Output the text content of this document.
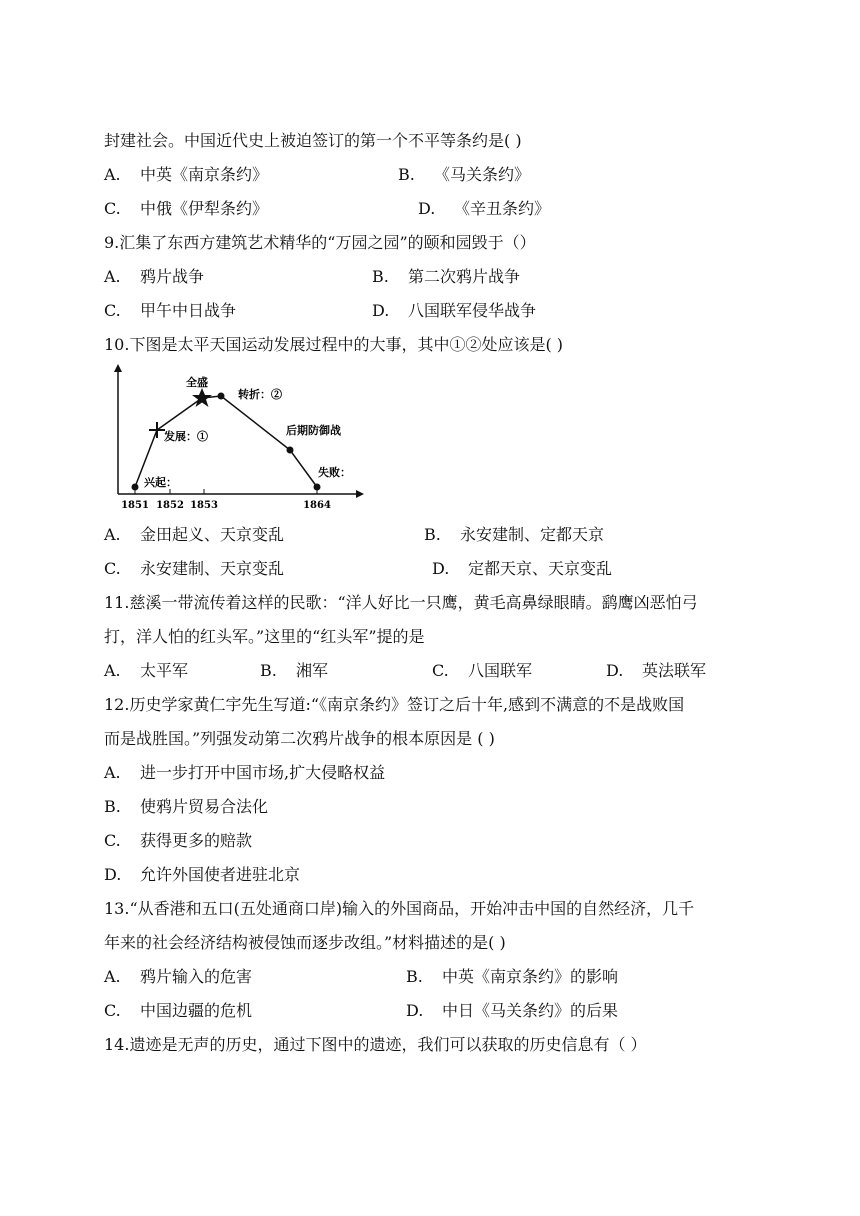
封建社会。中国近代史上被迫签订的第一个不平等条约是( )
A. 中英《南京条约》	B. 《马关条约》
C. 中俄《伊犁条约》	D. 《辛丑条约》
9.汇集了东西方建筑艺术精华的“万园之园”的颐和园毁于（）
A. 鸦片战争	B. 第二次鸦片战争
C. 甲午中日战争	D. 八国联军侵华战争
10.下图是太平天国运动发展过程中的大事，其中①②处应该是( )
兴起：
发展：①
全盛
转折：②
后期防御战
失败：
1851 1852 1853	1864
A. 金田起义、天京变乱	B. 永安建制、定都天京
C. 永安建制、天京变乱	D. 定都天京、天京变乱
11.慈溪一带流传着这样的民歌：“洋人好比一只鹰，黄毛高鼻绿眼睛。鹞鹰凶恶怕弓
打，洋人怕的红头军。”这里的“红头军”提的是
A. 太平军	B. 湘军	C. 八国联军	D. 英法联军
12.历史学家黄仁宇先生写道:“《南京条约》签订之后十年,感到不满意的不是战败国
而是战胜国。”列强发动第二次鸦片战争的根本原因是 ( )
A. 进一步打开中国市场,扩大侵略权益
B. 使鸦片贸易合法化
C. 获得更多的赔款
D. 允许外国使者进驻北京
13.“从香港和五口(五处通商口岸)输入的外国商品，开始冲击中国的自然经济，几千
年来的社会经济结构被侵蚀而逐步改组。”材料描述的是( )
A. 鸦片输入的危害	B. 中英《南京条约》的影响
C. 中国边疆的危机	D. 中日《马关条约》的后果
14.遗迹是无声的历史，通过下图中的遗迹，我们可以获取的历史信息有（ ）
